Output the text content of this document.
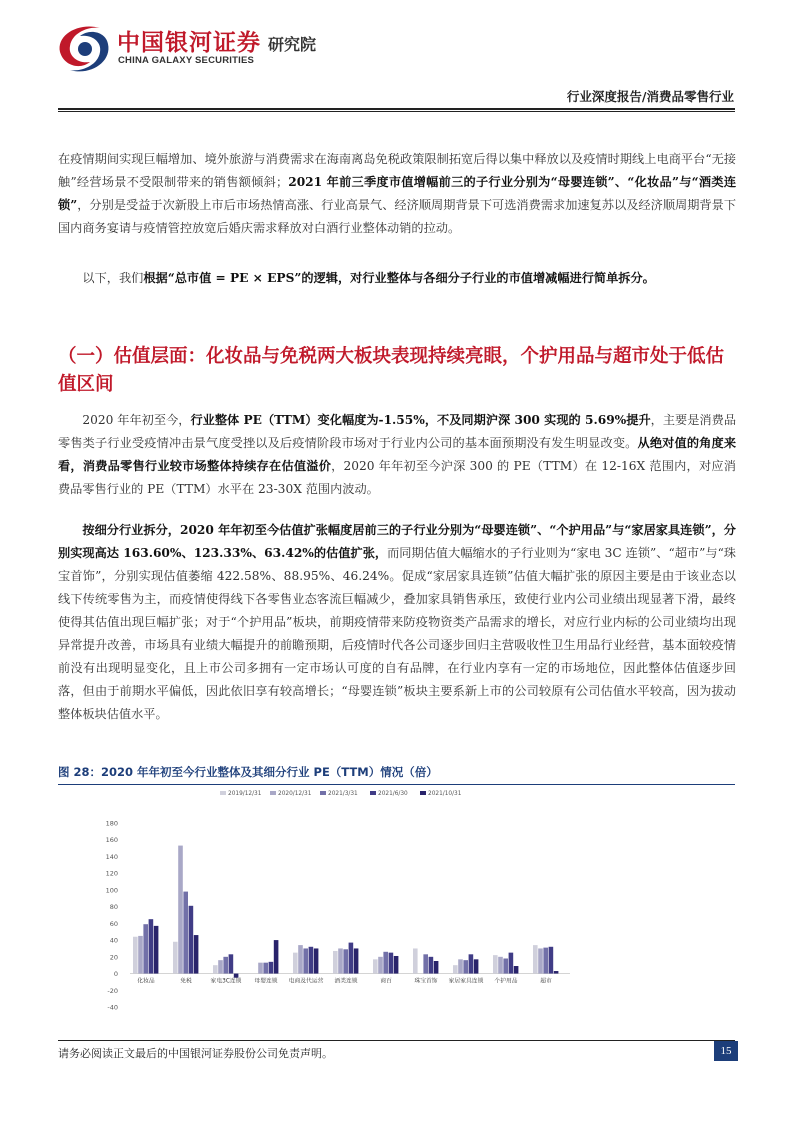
中国银河证券
CHINA GALAXY SECURITIES
研究院
行业深度报告/消费品零售行业

在疫情期间实现巨幅增加、境外旅游与消费需求在海南离岛免税政策限制拓宽后得以集中释放以及疫情时期线上电商平台“无接触”经营场景不受限制带来的销售额倾斜；2021 年前三季度市值增幅前三的子行业分别为“母婴连锁”、“化妆品”与“酒类连锁”，分别是受益于次新股上市后市场热情高涨、行业高景气、经济顺周期背景下可选消费需求加速复苏以及经济顺周期背景下国内商务宴请与疫情管控放宽后婚庆需求释放对白酒行业整体动销的拉动。

以下，我们根据“总市值 = PE × EPS”的逻辑，对行业整体与各细分子行业的市值增减幅进行简单拆分。

（一）估值层面：化妆品与免税两大板块表现持续亮眼，个护用品与超市处于低估值区间

2020 年年初至今，行业整体 PE（TTM）变化幅度为-1.55%，不及同期沪深 300 实现的 5.69%提升，主要是消费品零售类子行业受疫情冲击景气度受挫以及后疫情阶段市场对于行业内公司的基本面预期没有发生明显改变。从绝对值的角度来看，消费品零售行业较市场整体持续存在估值溢价，2020 年年初至今沪深 300 的 PE（TTM）在 12-16X 范围内，对应消费品零售行业的 PE（TTM）水平在 23-30X 范围内波动。

按细分行业拆分，2020 年年初至今估值扩张幅度居前三的子行业分别为“母婴连锁”、“个护用品”与“家居家具连锁”，分别实现高达 163.60%、123.33%、63.42%的估值扩张，而同期估值大幅缩水的子行业则为“家电 3C 连锁”、“超市”与“珠宝首饰”，分别实现估值萎缩 422.58%、88.95%、46.24%。促成“家居家具连锁”估值大幅扩张的原因主要是由于该业态以线下传统零售为主，而疫情使得线下各零售业态客流巨幅减少，叠加家具销售承压，致使行业内公司业绩出现显著下滑，最终使得其估值出现巨幅扩张；对于“个护用品”板块，前期疫情带来防疫物资类产品需求的增长，对应行业内标的公司业绩均出现异常提升改善，市场具有业绩大幅提升的前瞻预期，后疫情时代各公司逐步回归主营吸收性卫生用品行业经营，基本面较疫情前没有出现明显变化，且上市公司多拥有一定市场认可度的自有品牌，在行业内享有一定的市场地位，因此整体估值逐步回落，但由于前期水平偏低，因此依旧享有较高增长；“母婴连锁”板块主要系新上市的公司较原有公司估值水平较高，因为拔动整体板块估值水平。

图 28：2020 年年初至今行业整体及其细分行业 PE（TTM）情况（倍）
-40
-20
0
20
40
60
80
100
120
140
160
180
2019/12/31	2020/12/31	2021/3/31	2021/6/30	2021/10/31
化妆品	免税	家电3C连锁 母婴连锁 电商及代运营 酒类连锁	商百	珠宝首饰 家居家具连锁 个护用品	超市
请务必阅读正文最后的中国银河证券股份公司免责声明。	15
